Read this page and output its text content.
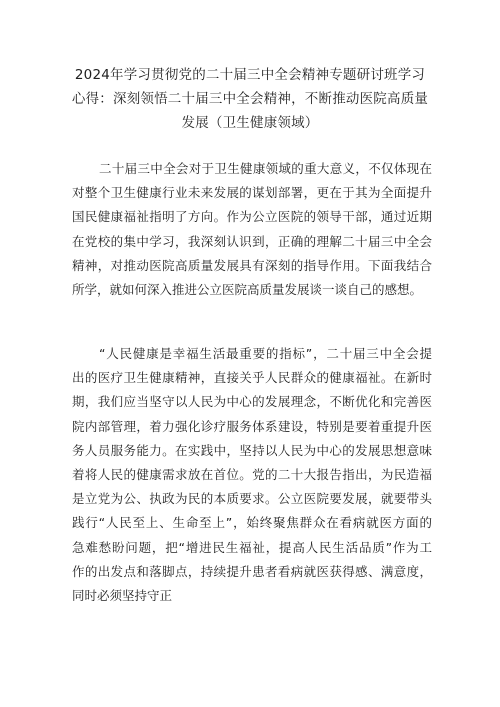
2024年学习贯彻党的二十届三中全会精神专题研讨班学习
心得：深刻领悟二十届三中全会精神，不断推动医院高质量
发展（卫生健康领域）
二十届三中全会对于卫生健康领域的重大意义，不仅体现在
对整个卫生健康行业未来发展的谋划部署，更在于其为全面提升
国民健康福祉指明了方向。作为公立医院的领导干部，通过近期
在党校的集中学习，我深刻认识到，正确的理解二十届三中全会
精神，对推动医院高质量发展具有深刻的指导作用。下面我结合
所学，就如何深入推进公立医院高质量发展谈一谈自己的感想。
“人民健康是幸福生活最重要的指标”，二十届三中全会提
出的医疗卫生健康精神，直接关乎人民群众的健康福祉。在新时
期，我们应当坚守以人民为中心的发展理念，不断优化和完善医
院内部管理，着力强化诊疗服务体系建设，特别是要着重提升医
务人员服务能力。在实践中，坚持以人民为中心的发展思想意味
着将人民的健康需求放在首位。党的二十大报告指出，为民造福
是立党为公、执政为民的本质要求。公立医院要发展，就要带头
践行“人民至上、生命至上”，始终聚焦群众在看病就医方面的
急难愁盼问题，把“增进民生福祉，提高人民生活品质”作为工
作的出发点和落脚点，持续提升患者看病就医获得感、满意度，
同时必须坚持守正
